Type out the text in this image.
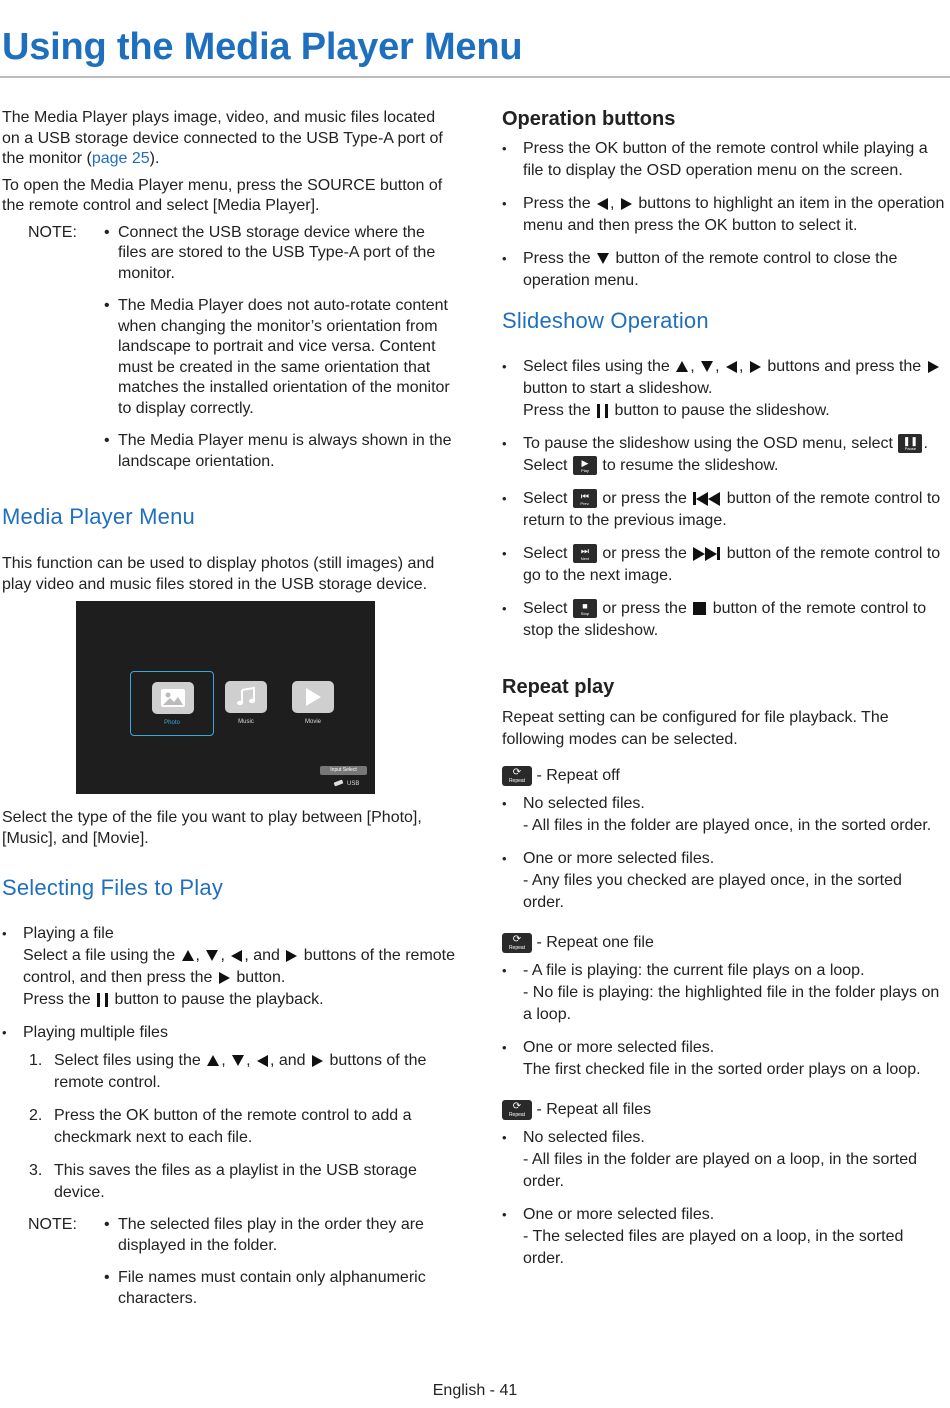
Using the Media Player Menu

The Media Player plays image, video, and music files located on a USB storage device connected to the USB Type-A port of the monitor (page 25).

To open the Media Player menu, press the SOURCE button of the remote control and select [Media Player].

NOTE:	• Connect the USB storage device where the files are stored to the USB Type-A port of the monitor.
• The Media Player does not auto-rotate content when changing the monitor’s orientation from landscape to portrait and vice versa. Content must be created in the same orientation that matches the installed orientation of the monitor to display correctly.
• The Media Player menu is always shown in the landscape orientation.
Media Player Menu

This function can be used to display photos (still images) and play video and music files stored in the USB storage device.

Photo	Music	Movie
Input Select
USB

Select the type of the file you want to play between [Photo], [Music], and [Movie].

Selecting Files to Play
• Playing a file
Select a file using the , , , and  buttons of the remote control, and then press the  button.
Press the  button to pause the playback.
• Playing multiple files
1. Select files using the , , , and  buttons of the remote control.
2. Press the OK button of the remote control to add a checkmark next to each file.
3. This saves the files as a playlist in the USB storage device.
NOTE:	• The selected files play in the order they are displayed in the folder.
• File names must contain only alphanumeric characters.
Operation buttons
• Press the OK button of the remote control while playing a file to display the OSD operation menu on the screen.
• Press the ,  buttons to highlight an item in the operation menu and then press the OK button to select it.
• Press the  button of the remote control to close the operation menu.
Slideshow Operation
• Select files using the , , ,  buttons and press the  button to start a slideshow.
Press the  button to pause the slideshow.
• To pause the slideshow using the OSD menu, select ❚❚
Pause .
Select ▶
Play to resume the slideshow.
• Select ⏮
Prev. or press the
button of the remote control to return to the previous image.
• Select ⏭
Next or press the
button of the remote control to go to the next image.
• Select ■
Stop or press the  button of the remote control to stop the slideshow.
Repeat play

Repeat setting can be configured for file playback. The following modes can be selected.

⟳
Repeat - Repeat off
• No selected files.
- All files in the folder are played once, in the sorted order.
• One or more selected files.
- Any files you checked are played once, in the sorted order.
⟳
Repeat - Repeat one file
• - A file is playing: the current file plays on a loop.
- No file is playing: the highlighted file in the folder plays on a loop.
• One or more selected files.
The first checked file in the sorted order plays on a loop.
⟳
Repeat - Repeat all files
• No selected files.
- All files in the folder are played on a loop, in the sorted order.
• One or more selected files.
- The selected files are played on a loop, in the sorted order.
English - 41
